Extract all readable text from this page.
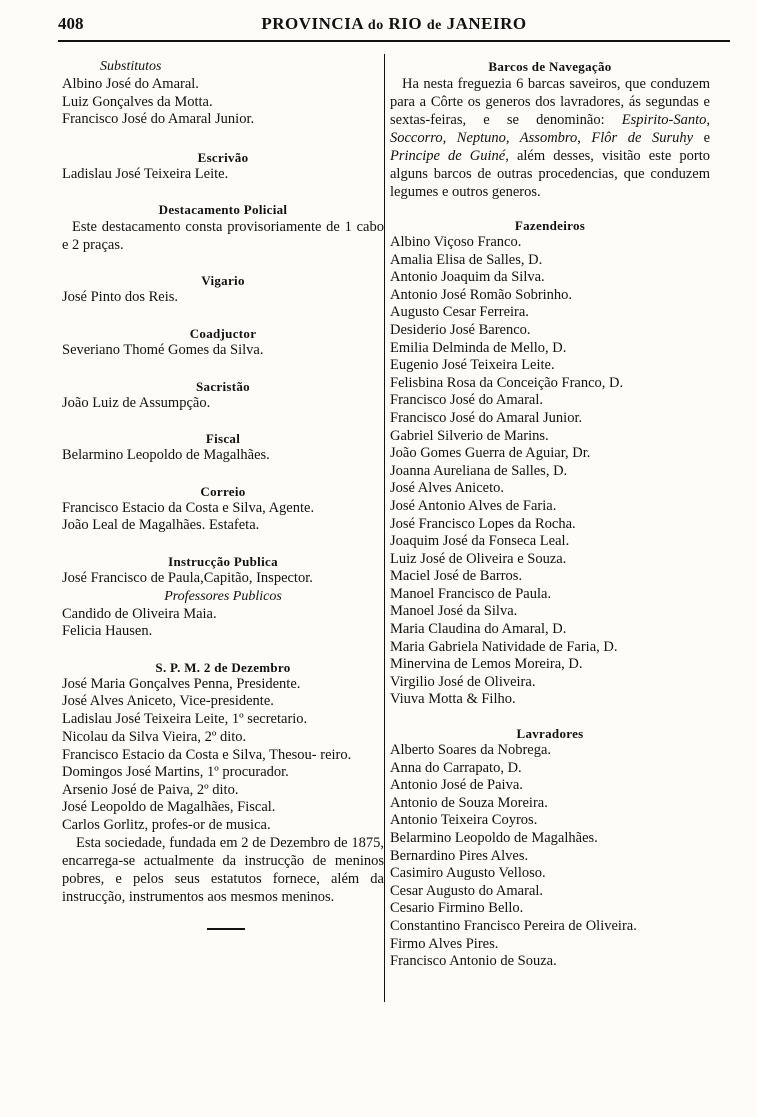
408	PROVINCIA do RIO de JANEIRO
Substitutos
Albino José do Amaral.
Luiz Gonçalves da Motta.
Francisco José do Amaral Junior.
Escrivão
Ladislau José Teixeira Leite.
Destacamento Policial
Este destacamento consta provisoriamente de 1 cabo e 2 praças.
Vigario
José Pinto dos Reis.
Coadjuctor
Severiano Thomé Gomes da Silva.
Sacristão
João Luiz de Assumpção.
Fiscal
Belarmino Leopoldo de Magalhães.
Correio
Francisco Estacio da Costa e Silva, Agente.
João Leal de Magalhães. Estafeta.
Instrucção Publica
José Francisco de Paula,Capitão, Inspector.
Professores Publicos
Candido de Oliveira Maia.
Felicia Hausen.
S. P. M. 2 de Dezembro
José Maria Gonçalves Penna, Presidente.
José Alves Aniceto, Vice-presidente.
Ladislau José Teixeira Leite, 1º secretario.
Nicolau da Silva Vieira, 2º dito.
Francisco Estacio da Costa e Silva, Thesou- reiro.
Domingos José Martins, 1º procurador.
Arsenio José de Paiva, 2º dito.
José Leopoldo de Magalhães, Fiscal.
Carlos Gorlitz, profes-or de musica.
Esta sociedade, fundada em 2 de Dezembro de 1875, encarrega-se actualmente da instrucção de meninos pobres, e pelos seus estatutos fornece, além da instrucção, instrumentos aos mesmos meninos.
Barcos de Navegação
Ha nesta freguezia 6 barcas saveiros, que conduzem para a Côrte os generos dos lavradores, ás segundas e sextas-feiras, e se denominão: Espirito-Santo, Soccorro, Neptuno, Assombro, Flôr de Suruhy e Principe de Guiné, além desses, visitão este porto alguns barcos de outras procedencias, que conduzem legumes e outros generos.
Fazendeiros
Albino Viçoso Franco.
Amalia Elisa de Salles, D.
Antonio Joaquim da Silva.
Antonio José Romão Sobrinho.
Augusto Cesar Ferreira.
Desiderio José Barenco.
Emilia Delminda de Mello, D.
Eugenio José Teixeira Leite.
Felisbina Rosa da Conceição Franco, D.
Francisco José do Amaral.
Francisco José do Amaral Junior.
Gabriel Silverio de Marins.
João Gomes Guerra de Aguiar, Dr.
Joanna Aureliana de Salles, D.
José Alves Aniceto.
José Antonio Alves de Faria.
José Francisco Lopes da Rocha.
Joaquim José da Fonseca Leal.
Luiz José de Oliveira e Souza.
Maciel José de Barros.
Manoel Francisco de Paula.
Manoel José da Silva.
Maria Claudina do Amaral, D.
Maria Gabriela Natividade de Faria, D.
Minervina de Lemos Moreira, D.
Virgilio José de Oliveira.
Viuva Motta & Filho.
Lavradores
Alberto Soares da Nobrega.
Anna do Carrapato, D.
Antonio José de Paiva.
Antonio de Souza Moreira.
Antonio Teixeira Coyros.
Belarmino Leopoldo de Magalhães.
Bernardino Pires Alves.
Casimiro Augusto Velloso.
Cesar Augusto do Amaral.
Cesario Firmino Bello.
Constantino Francisco Pereira de Oliveira.
Firmo Alves Pires.
Francisco Antonio de Souza.
